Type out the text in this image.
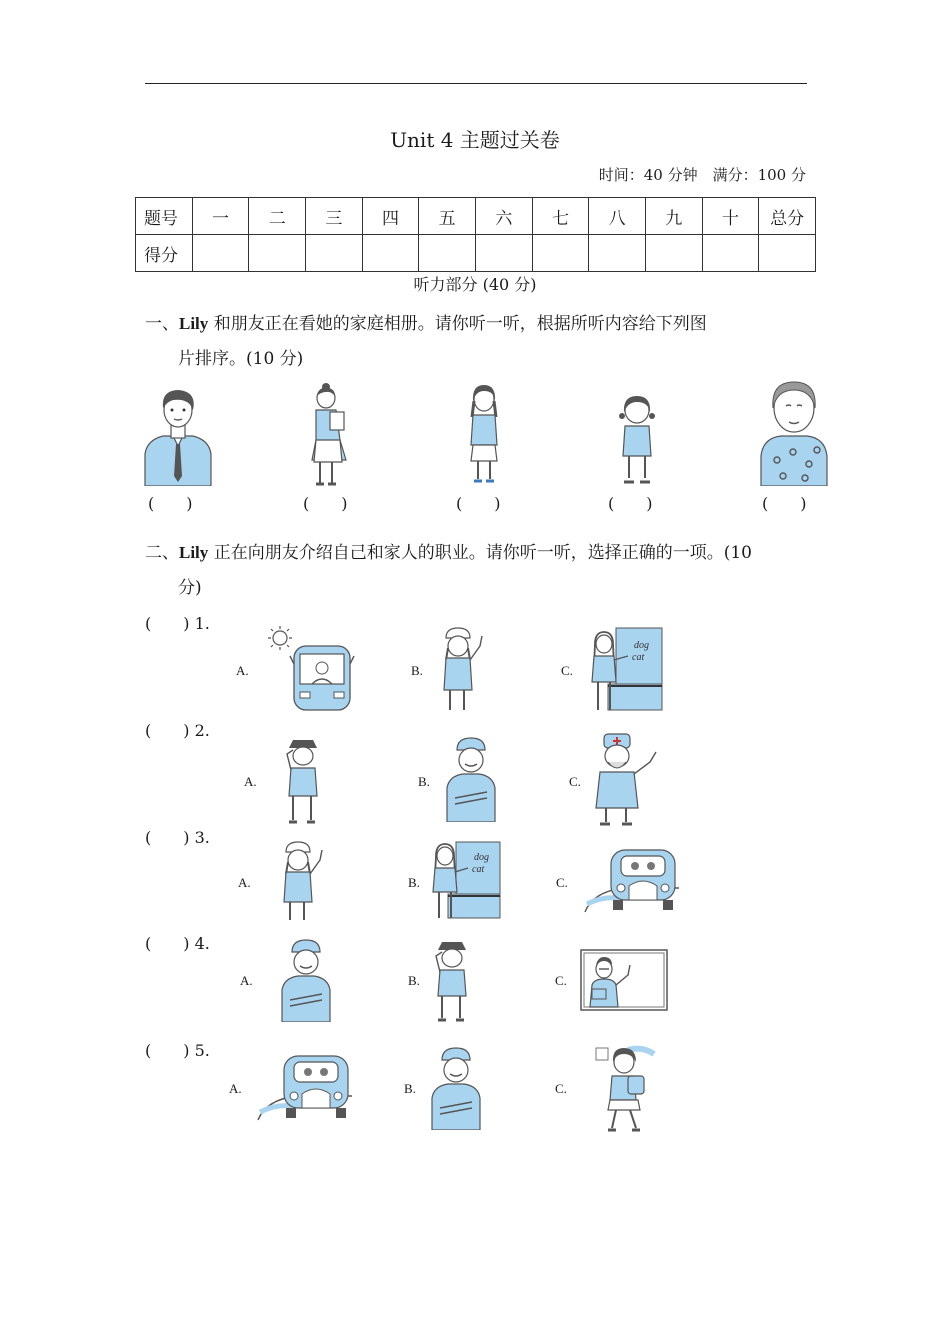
Unit 4 主题过关卷
时间：40 分钟　满分：100 分
题号	一	二	三	四	五	六	七	八	九	十	总分
得分											
听力部分 (40 分)
一、Lily 和朋友正在看她的家庭相册。请你听一听，根据所听内容给下列图
片排序。(10 分)
(　　)	(　　)	(　　)	(　　)	(　　)
二、Lily 正在向朋友介绍自己和家人的职业。请你听一听，选择正确的一项。(10
分)
(　　) 1.
(　　) 2.
(　　) 3.
(　　) 4.
(　　) 5.
A.	B.	C.
A.	B.	C.
A.	B.	C.
A.	B.	C.
A.	B.	C.
dog
cat
dog
cat
